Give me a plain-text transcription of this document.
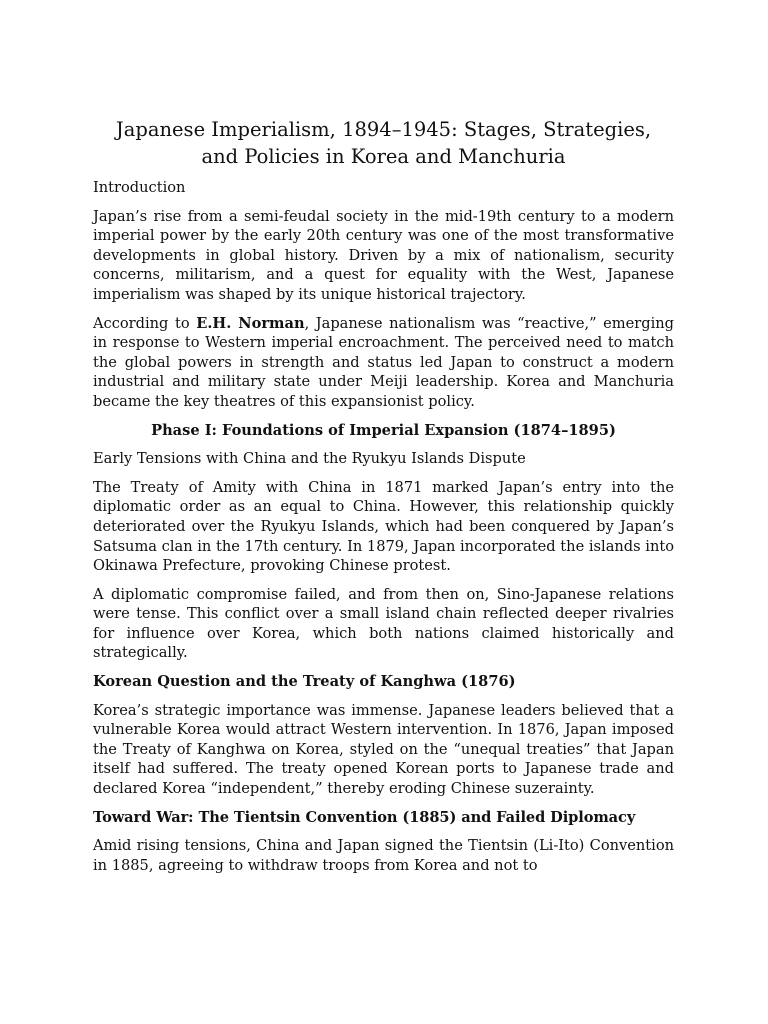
Japanese Imperialism, 1894–1945: Stages, Strategies,
and Policies in Korea and Manchuria
Introduction

Japan’s rise from a semi-feudal society in the mid-19th century to a modern imperial power by the early 20th century was one of the most transformative developments in global history. Driven by a mix of nationalism, security concerns, militarism, and a quest for equality with the West, Japanese imperialism was shaped by its unique historical trajectory.

According to E.H. Norman, Japanese nationalism was “reactive,” emerging in response to Western imperial encroachment. The perceived need to match the global powers in strength and status led Japan to construct a modern industrial and military state under Meiji leadership. Korea and Manchuria became the key theatres of this expansionist policy.

Phase I: Foundations of Imperial Expansion (1874–1895)
Early Tensions with China and the Ryukyu Islands Dispute

The Treaty of Amity with China in 1871 marked Japan’s entry into the diplomatic order as an equal to China. However, this relationship quickly deteriorated over the Ryukyu Islands, which had been conquered by Japan’s Satsuma clan in the 17th century. In 1879, Japan incorporated the islands into Okinawa Prefecture, provoking Chinese protest.

A diplomatic compromise failed, and from then on, Sino-Japanese relations were tense. This conflict over a small island chain reflected deeper rivalries for influence over Korea, which both nations claimed historically and strategically.

Korean Question and the Treaty of Kanghwa (1876)

Korea’s strategic importance was immense. Japanese leaders believed that a vulnerable Korea would attract Western intervention. In 1876, Japan imposed the Treaty of Kanghwa on Korea, styled on the “unequal treaties” that Japan itself had suffered. The treaty opened Korean ports to Japanese trade and declared Korea “independent,” thereby eroding Chinese suzerainty.

Toward War: The Tientsin Convention (1885) and Failed Diplomacy

Amid rising tensions, China and Japan signed the Tientsin (Li-Ito) Convention in 1885, agreeing to withdraw troops from Korea and not to
